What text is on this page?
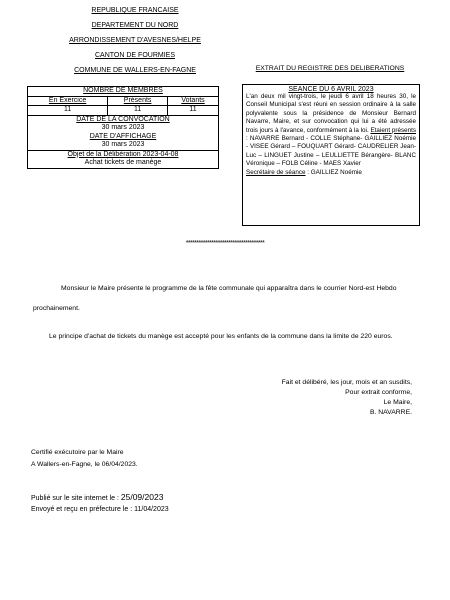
REPUBLIQUE FRANCAISE
DEPARTEMENT DU NORD
ARRONDISSEMENT D'AVESNES/HELPE
CANTON DE FOURMIES
COMMUNE DE WALLERS-EN-FAGNE
NOMBRE DE MEMBRES		
En Exercice	Présents	Votants
11	11	11

DATE DE LA CONVOCATION
30 mars 2023
DATE D'AFFICHAGE
30 mars 2023		

Objet de la Délibération 2023-04-08
Achat tickets de manège		
EXTRAIT DU REGISTRE DES DELIBERATIONS
SEANCE DU 6 AVRIL 2023
L'an deux mil vingt-trois, le jeudi 6 avril 18 heures 30, le Conseil Municipal s'est réuni en session ordinaire à la salle polyvalente sous la présidence de Monsieur Bernard Navarre, Maire, et sur convocation qui lui a été adressée trois jours à l'avance, conformément à la loi. Etaient présents : NAVARRE Bernard - COLLE Stéphane- GAILLIEZ Noémie - VISEE Gérard – FOUQUART Gérard- CAUDRELIER Jean-Luc – LINGUET Justine – LEULLIETTE Bérangère- BLANC Véronique – FOLB Céline - MAES Xavier
Secrétaire de séance : GAILLIEZ Noémie
*************************************
Monsieur le Maire présente le programme de la fête communale qui apparaîtra dans le courrier Nord-est Hebdo prochainement.
Le principe d'achat de tickets du manège est accepté pour les enfants de la commune dans la limite de 220 euros.
Fait et délibéré, les jour, mois et an susdits,
Pour extrait conforme,
Le Maire,
B. NAVARRE.
Certifié exécutoire par le Maire
A Wallers-en-Fagne, le 06/04/2023.
Publié sur le site internet le : 25/09/2023
Envoyé et reçu en préfecture le : 11/04/2023
